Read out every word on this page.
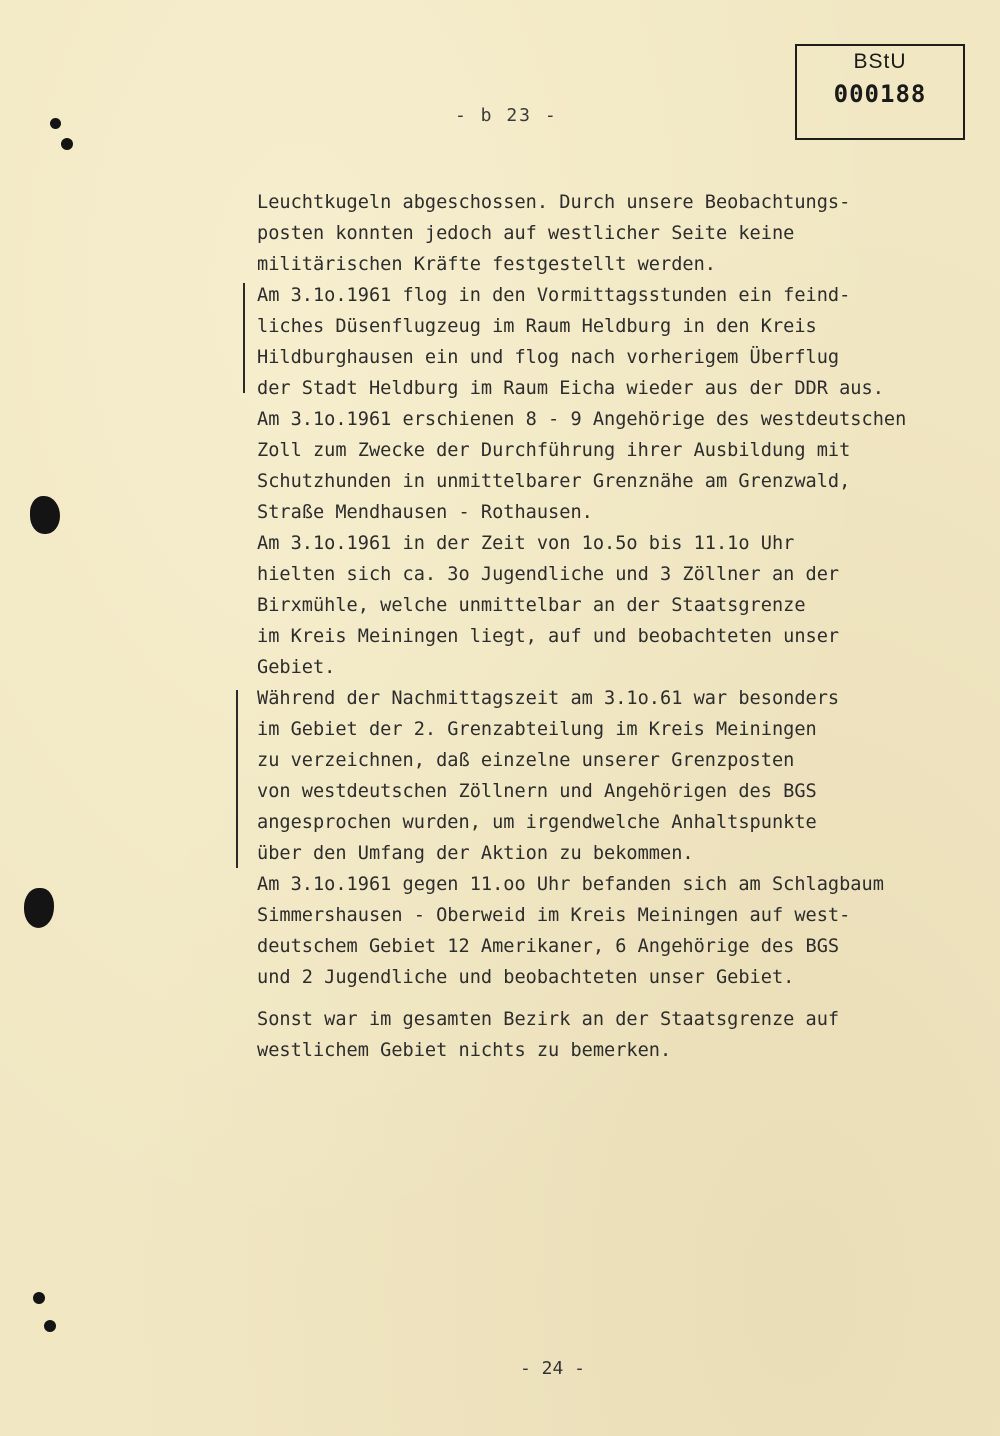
BStU
000188
- b 23 -
Leuchtkugeln abgeschossen. Durch unsere Beobachtungs-
posten konnten jedoch auf westlicher Seite keine
militärischen Kräfte festgestellt werden.
Am 3.1o.1961 flog in den Vormittagsstunden ein feind-
liches Düsenflugzeug im Raum Heldburg in den Kreis
Hildburghausen ein und flog nach vorherigem Überflug
der Stadt Heldburg im Raum Eicha wieder aus der DDR aus.
Am 3.1o.1961 erschienen 8 - 9 Angehörige des westdeutschen
Zoll zum Zwecke der Durchführung ihrer Ausbildung mit
Schutzhunden in unmittelbarer Grenznähe am Grenzwald,
Straße Mendhausen - Rothausen.
Am 3.1o.1961 in der Zeit von 1o.5o bis 11.1o Uhr
hielten sich ca. 3o Jugendliche und 3 Zöllner an der
Birxmühle, welche unmittelbar an der Staatsgrenze
im Kreis Meiningen liegt, auf und beobachteten unser
Gebiet.
Während der Nachmittagszeit am 3.1o.61 war besonders
im Gebiet der 2. Grenzabteilung im Kreis Meiningen
zu verzeichnen, daß einzelne unserer Grenzposten
von westdeutschen Zöllnern und Angehörigen des BGS
angesprochen wurden, um irgendwelche Anhaltspunkte
über den Umfang der Aktion zu bekommen.
Am 3.1o.1961 gegen 11.oo Uhr befanden sich am Schlagbaum
Simmershausen - Oberweid im Kreis Meiningen auf west-
deutschem Gebiet 12 Amerikaner, 6 Angehörige des BGS
und 2 Jugendliche und beobachteten unser Gebiet.
Sonst war im gesamten Bezirk an der Staatsgrenze auf
westlichem Gebiet nichts zu bemerken.
- 24 -
